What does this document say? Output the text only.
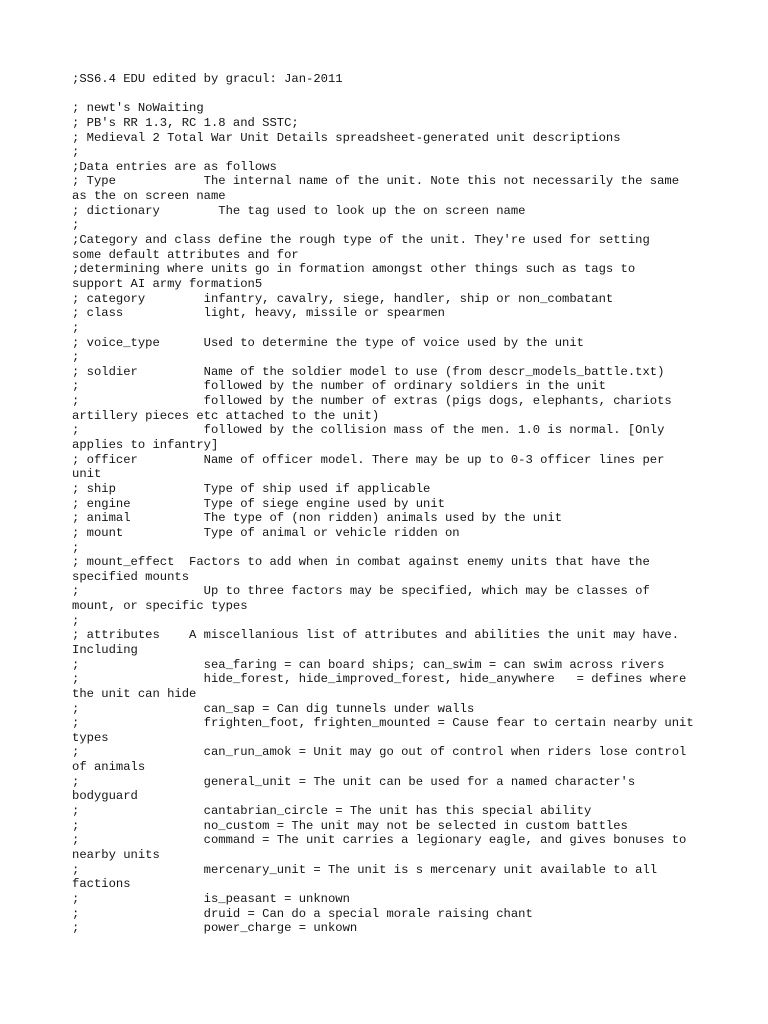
;SS6.4 EDU edited by gracul: Jan-2011
; newt's NoWaiting
; PB's RR 1.3, RC 1.8 and SSTC;
; Medieval 2 Total War Unit Details spreadsheet-generated unit descriptions
;
;Data entries are as follows
; Type            The internal name of the unit. Note this not necessarily the same
as the on screen name
; dictionary        The tag used to look up the on screen name
;
;Category and class define the rough type of the unit. They're used for setting
some default attributes and for
;determining where units go in formation amongst other things such as tags to
support AI army formation5
; category        infantry, cavalry, siege, handler, ship or non_combatant
; class           light, heavy, missile or spearmen
;
; voice_type      Used to determine the type of voice used by the unit
;
; soldier         Name of the soldier model to use (from descr_models_battle.txt)
;                 followed by the number of ordinary soldiers in the unit
;                 followed by the number of extras (pigs dogs, elephants, chariots
artillery pieces etc attached to the unit)
;                 followed by the collision mass of the men. 1.0 is normal. [Only
applies to infantry]
; officer         Name of officer model. There may be up to 0-3 officer lines per
unit
; ship            Type of ship used if applicable
; engine          Type of siege engine used by unit
; animal          The type of (non ridden) animals used by the unit
; mount           Type of animal or vehicle ridden on
;
; mount_effect  Factors to add when in combat against enemy units that have the
specified mounts
;                 Up to three factors may be specified, which may be classes of
mount, or specific types
;
; attributes    A miscellanious list of attributes and abilities the unit may have.
Including
;                 sea_faring = can board ships; can_swim = can swim across rivers
;                 hide_forest, hide_improved_forest, hide_anywhere   = defines where
the unit can hide
;                 can_sap = Can dig tunnels under walls
;                 frighten_foot, frighten_mounted = Cause fear to certain nearby unit
types
;                 can_run_amok = Unit may go out of control when riders lose control
of animals
;                 general_unit = The unit can be used for a named character's
bodyguard
;                 cantabrian_circle = The unit has this special ability
;                 no_custom = The unit may not be selected in custom battles
;                 command = The unit carries a legionary eagle, and gives bonuses to
nearby units
;                 mercenary_unit = The unit is s mercenary unit available to all
factions
;                 is_peasant = unknown
;                 druid = Can do a special morale raising chant
;                 power_charge = unkown
